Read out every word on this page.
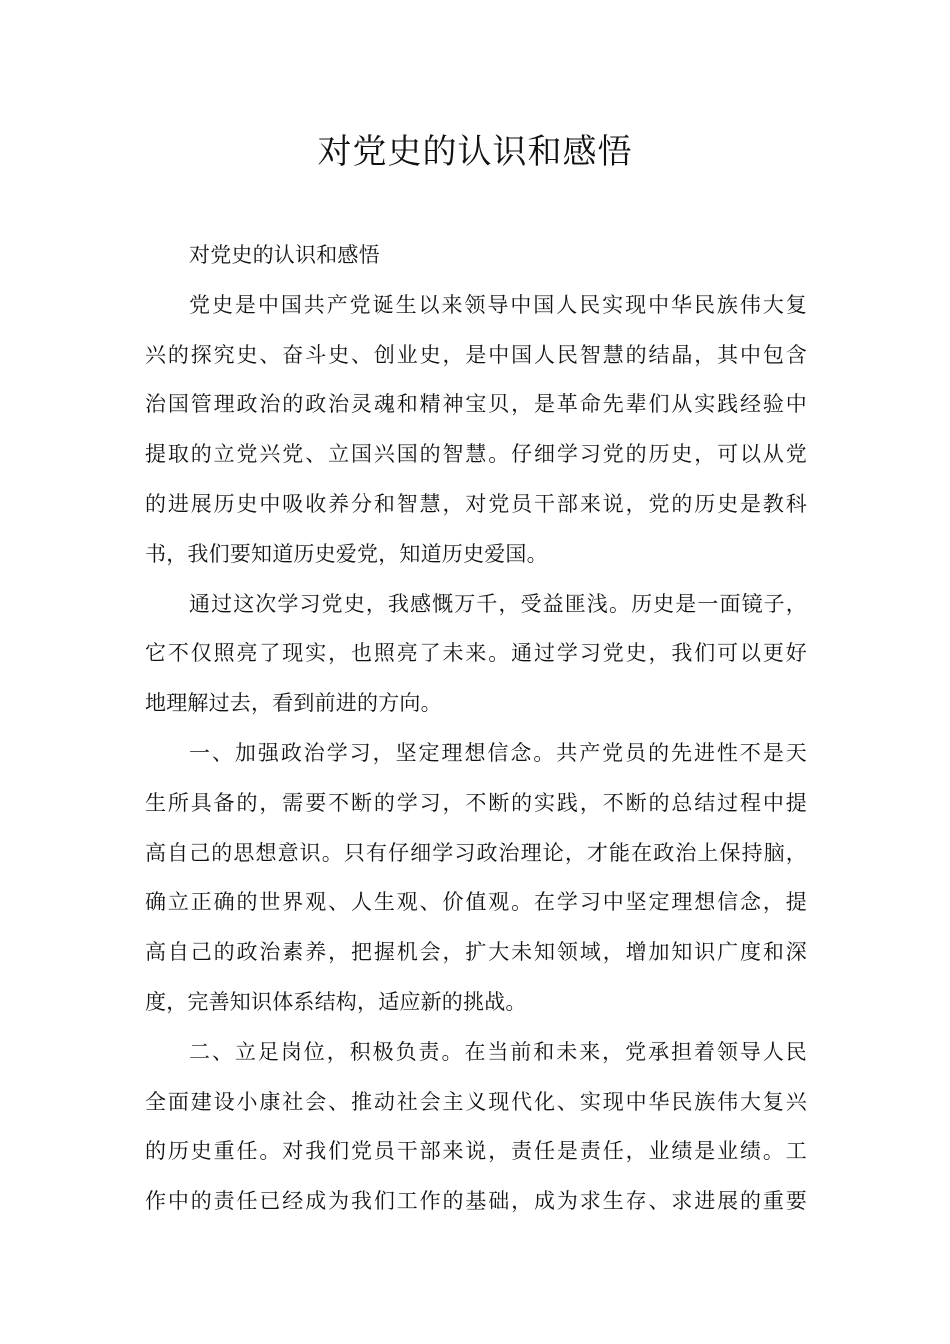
对党史的认识和感悟
对党史的认识和感悟
党史是中国共产党诞生以来领导中国人民实现中华民族伟大复
兴的探究史、奋斗史、创业史，是中国人民智慧的结晶，其中包含
治国管理政治的政治灵魂和精神宝贝，是革命先辈们从实践经验中
提取的立党兴党、立国兴国的智慧。仔细学习党的历史，可以从党
的进展历史中吸收养分和智慧，对党员干部来说，党的历史是教科
书，我们要知道历史爱党，知道历史爱国。
通过这次学习党史，我感慨万千，受益匪浅。历史是一面镜子，
它不仅照亮了现实，也照亮了未来。通过学习党史，我们可以更好
地理解过去，看到前进的方向。
一、加强政治学习，坚定理想信念。共产党员的先进性不是天
生所具备的，需要不断的学习，不断的实践，不断的总结过程中提
高自己的思想意识。只有仔细学习政治理论，才能在政治上保持脑，
确立正确的世界观、人生观、价值观。在学习中坚定理想信念，提
高自己的政治素养，把握机会，扩大未知领域，增加知识广度和深
度，完善知识体系结构，适应新的挑战。
二、立足岗位，积极负责。在当前和未来，党承担着领导人民
全面建设小康社会、推动社会主义现代化、实现中华民族伟大复兴
的历史重任。对我们党员干部来说，责任是责任，业绩是业绩。工
作中的责任已经成为我们工作的基础，成为求生存、求进展的重要
